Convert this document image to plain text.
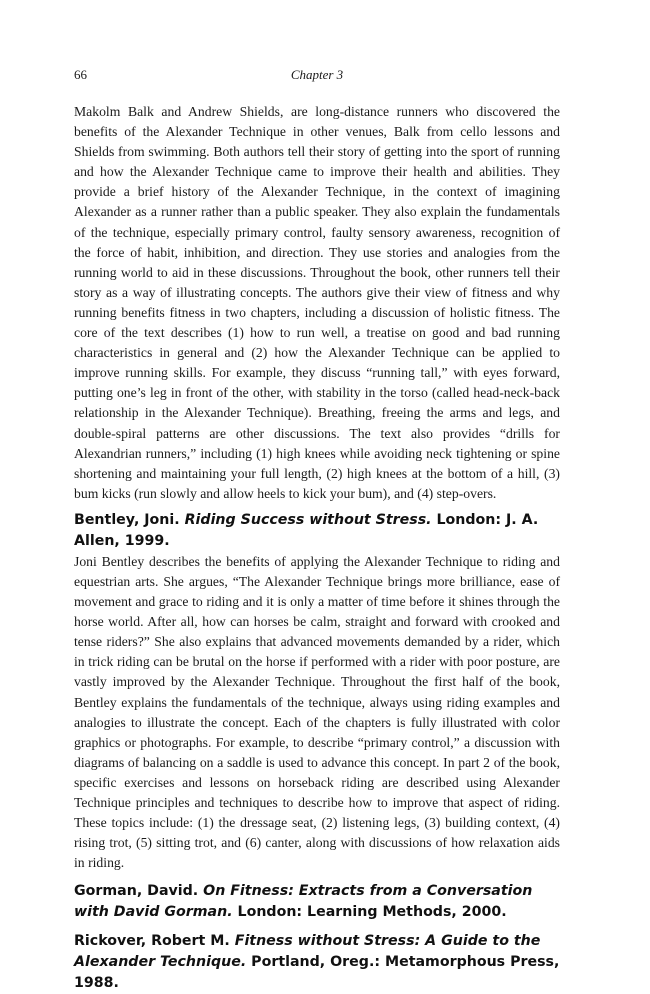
66	Chapter 3

Makolm Balk and Andrew Shields, are long-distance runners who discovered the benefits of the Alexander Technique in other venues, Balk from cello lessons and Shields from swimming. Both authors tell their story of getting into the sport of running and how the Alexander Technique came to improve their health and abilities. They provide a brief history of the Alexander Technique, in the context of imagining Alexander as a runner rather than a public speaker. They also explain the fundamentals of the technique, especially primary control, faulty sensory awareness, recognition of the force of habit, inhibition, and direction. They use stories and analogies from the running world to aid in these discussions. Throughout the book, other runners tell their story as a way of illustrating concepts. The authors give their view of fitness and why running benefits fitness in two chapters, including a discussion of holistic fitness. The core of the text describes (1) how to run well, a treatise on good and bad running characteristics in general and (2) how the Alexander Technique can be applied to improve running skills. For example, they discuss “running tall,” with eyes forward, putting one’s leg in front of the other, with stability in the torso (called head-neck-back relationship in the Alexander Technique). Breathing, freeing the arms and legs, and double-spiral patterns are other discussions. The text also provides “drills for Alexandrian runners,” including (1) high knees while avoiding neck tightening or spine shortening and maintaining your full length, (2) high knees at the bottom of a hill, (3) bum kicks (run slowly and allow heels to kick your bum), and (4) step-overs.

Bentley, Joni. Riding Success without Stress. London: J. A. Allen, 1999.

Joni Bentley describes the benefits of applying the Alexander Technique to riding and equestrian arts. She argues, “The Alexander Technique brings more brilliance, ease of movement and grace to riding and it is only a matter of time before it shines through the horse world. After all, how can horses be calm, straight and forward with crooked and tense riders?” She also explains that advanced movements demanded by a rider, which in trick riding can be brutal on the horse if performed with a rider with poor posture, are vastly improved by the Alexander Technique. Throughout the first half of the book, Bentley explains the fundamentals of the technique, always using riding examples and analogies to illustrate the concept. Each of the chapters is fully illustrated with color graphics or photographs. For example, to describe “primary control,” a discussion with diagrams of balancing on a saddle is used to advance this concept. In part 2 of the book, specific exercises and lessons on horseback riding are described using Alexander Technique principles and techniques to describe how to improve that aspect of riding. These topics include: (1) the dressage seat, (2) listening legs, (3) building context, (4) rising trot, (5) sitting trot, and (6) canter, along with discussions of how relaxation aids in riding.

Gorman, David. On Fitness: Extracts from a Conversation with David Gorman. London: Learning Methods, 2000.

Rickover, Robert M. Fitness without Stress: A Guide to the Alexander Technique. Portland, Oreg.: Metamorphous Press, 1988.
